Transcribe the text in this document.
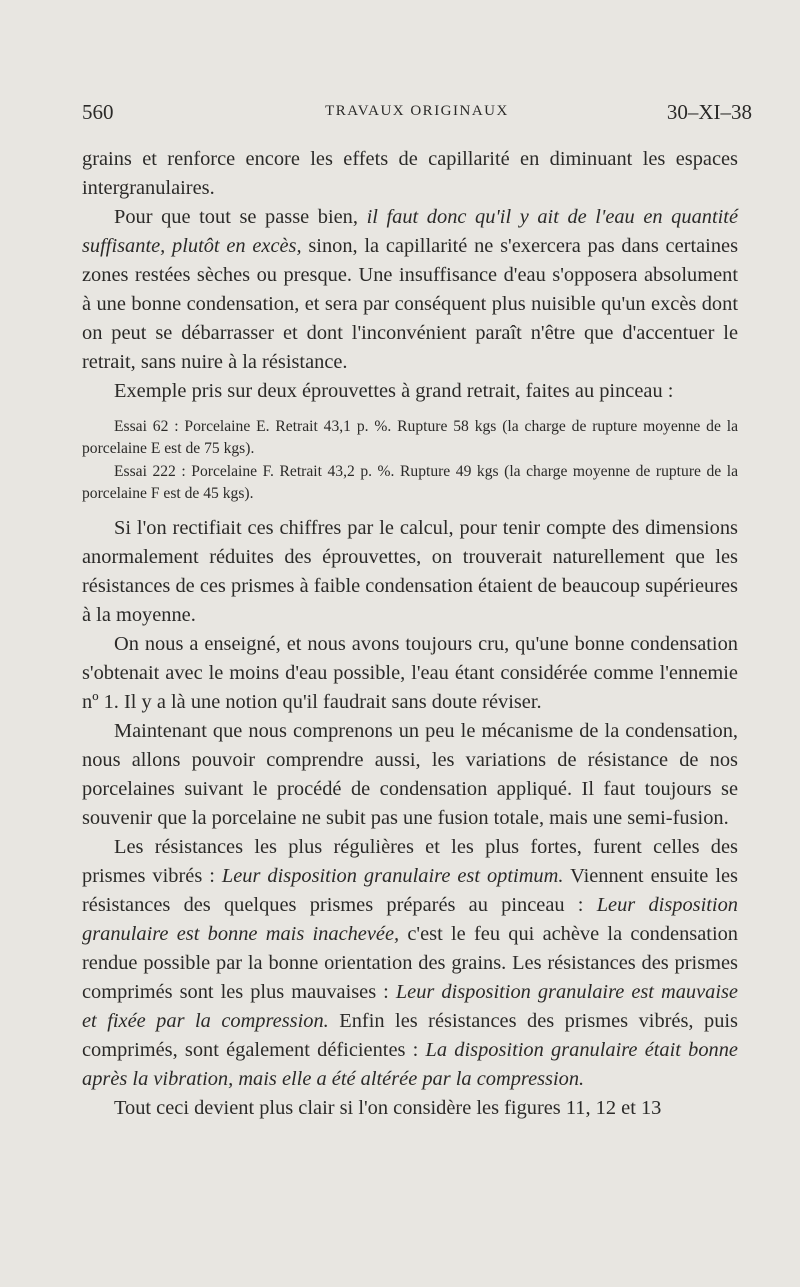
560	TRAVAUX ORIGINAUX	30–XI–38

grains et renforce encore les effets de capillarité en diminuant les espaces intergranulaires.

Pour que tout se passe bien, il faut donc qu'il y ait de l'eau en quantité suffisante, plutôt en excès, sinon, la capillarité ne s'exercera pas dans certaines zones restées sèches ou presque. Une insuffisance d'eau s'opposera absolument à une bonne condensation, et sera par conséquent plus nuisible qu'un excès dont on peut se débarrasser et dont l'inconvénient paraît n'être que d'accentuer le retrait, sans nuire à la résistance.

Exemple pris sur deux éprouvettes à grand retrait, faites au pinceau :

Essai 62 : Porcelaine E. Retrait 43,1 p. %. Rupture 58 kgs (la charge de rupture moyenne de la porcelaine E est de 75 kgs).

Essai 222 : Porcelaine F. Retrait 43,2 p. %. Rupture 49 kgs (la charge moyenne de rupture de la porcelaine F est de 45 kgs).

Si l'on rectifiait ces chiffres par le calcul, pour tenir compte des dimensions anormalement réduites des éprouvettes, on trouverait naturellement que les résistances de ces prismes à faible condensation étaient de beaucoup supérieures à la moyenne.

On nous a enseigné, et nous avons toujours cru, qu'une bonne condensation s'obtenait avec le moins d'eau possible, l'eau étant considérée comme l'ennemie nº 1. Il y a là une notion qu'il faudrait sans doute réviser.

Maintenant que nous comprenons un peu le mécanisme de la condensation, nous allons pouvoir comprendre aussi, les variations de résistance de nos porcelaines suivant le procédé de condensation appliqué. Il faut toujours se souvenir que la porcelaine ne subit pas une fusion totale, mais une semi-fusion.

Les résistances les plus régulières et les plus fortes, furent celles des prismes vibrés : Leur disposition granulaire est optimum. Viennent ensuite les résistances des quelques prismes préparés au pinceau : Leur disposition granulaire est bonne mais inachevée, c'est le feu qui achève la condensation rendue possible par la bonne orientation des grains. Les résistances des prismes comprimés sont les plus mauvaises : Leur disposition granulaire est mauvaise et fixée par la compression. Enfin les résistances des prismes vibrés, puis comprimés, sont également déficientes : La disposition granulaire était bonne après la vibration, mais elle a été altérée par la compression.

Tout ceci devient plus clair si l'on considère les figures 11, 12 et 13
